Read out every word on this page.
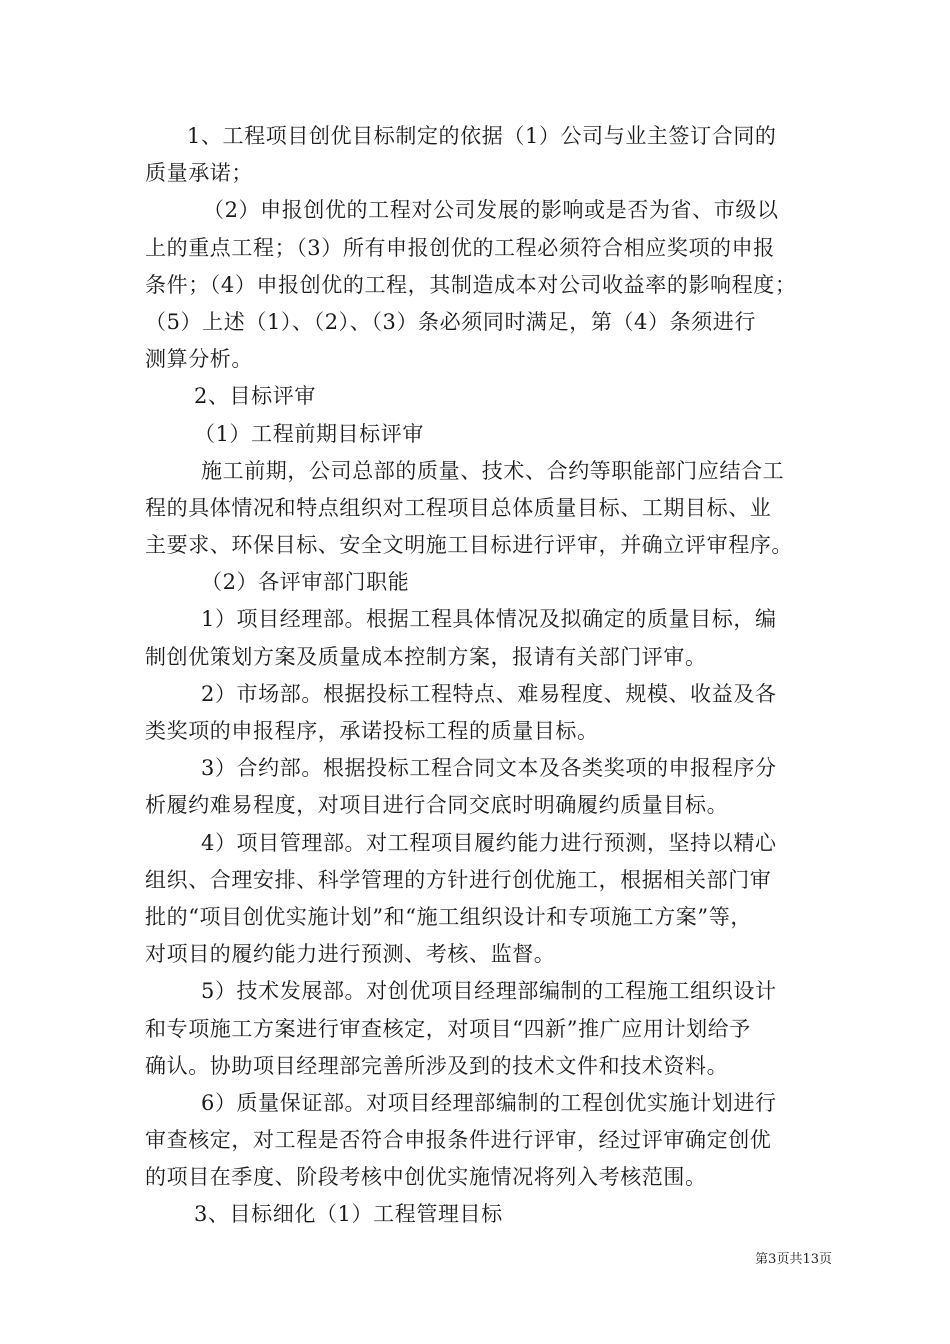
1、工程项目创优目标制定的依据（1）公司与业主签订合同的
质量承诺；
（2）申报创优的工程对公司发展的影响或是否为省、市级以
上的重点工程；（3）所有申报创优的工程必须符合相应奖项的申报
条件；（4）申报创优的工程，其制造成本对公司收益率的影响程度；
（5）上述（1）、（2）、（3）条必须同时满足，第（4）条须进行
测算分析。
2、目标评审
（1）工程前期目标评审
施工前期，公司总部的质量、技术、合约等职能部门应结合工
程的具体情况和特点组织对工程项目总体质量目标、工期目标、业
主要求、环保目标、安全文明施工目标进行评审，并确立评审程序。
（2）各评审部门职能
1）项目经理部。根据工程具体情况及拟确定的质量目标，编
制创优策划方案及质量成本控制方案，报请有关部门评审。
2）市场部。根据投标工程特点、难易程度、规模、收益及各
类奖项的申报程序，承诺投标工程的质量目标。
3）合约部。根据投标工程合同文本及各类奖项的申报程序分
析履约难易程度，对项目进行合同交底时明确履约质量目标。
4）项目管理部。对工程项目履约能力进行预测，坚持以精心
组织、合理安排、科学管理的方针进行创优施工，根据相关部门审
批的“项目创优实施计划”和“施工组织设计和专项施工方案”等，
对项目的履约能力进行预测、考核、监督。
5）技术发展部。对创优项目经理部编制的工程施工组织设计
和专项施工方案进行审查核定，对项目“四新”推广应用计划给予
确认。协助项目经理部完善所涉及到的技术文件和技术资料。
6）质量保证部。对项目经理部编制的工程创优实施计划进行
审查核定，对工程是否符合申报条件进行评审，经过评审确定创优
的项目在季度、阶段考核中创优实施情况将列入考核范围。
3、目标细化（1）工程管理目标
第3页共13页
